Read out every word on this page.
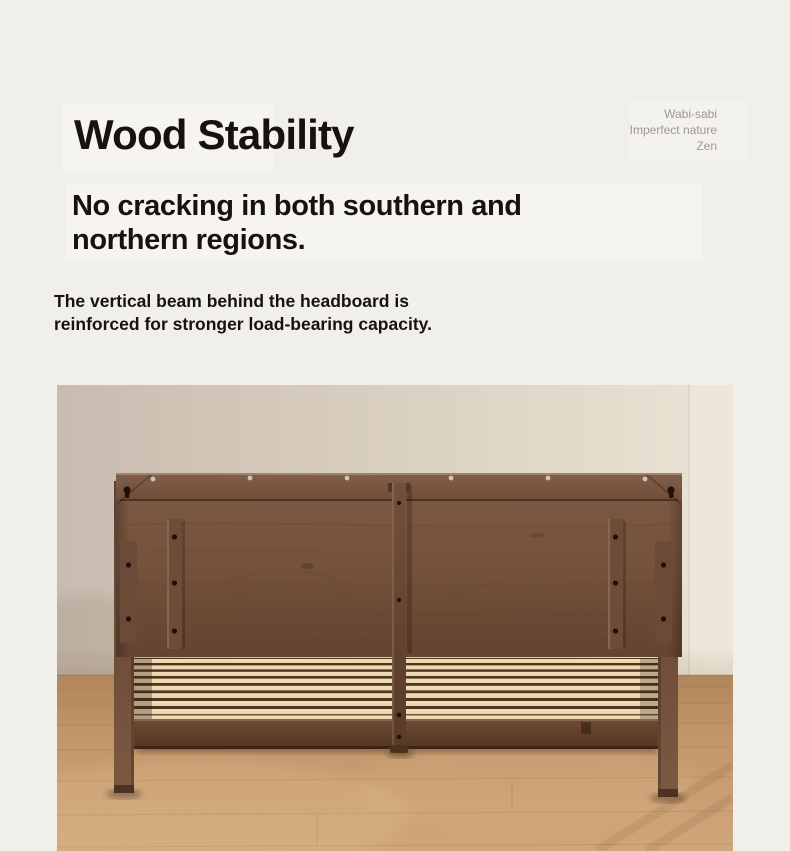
Wood Stability	Wabi-sabi
Imperfect nature
Zen
No cracking in both southern and
northern regions.

The vertical beam behind the headboard is
reinforced for stronger load-bearing capacity.
